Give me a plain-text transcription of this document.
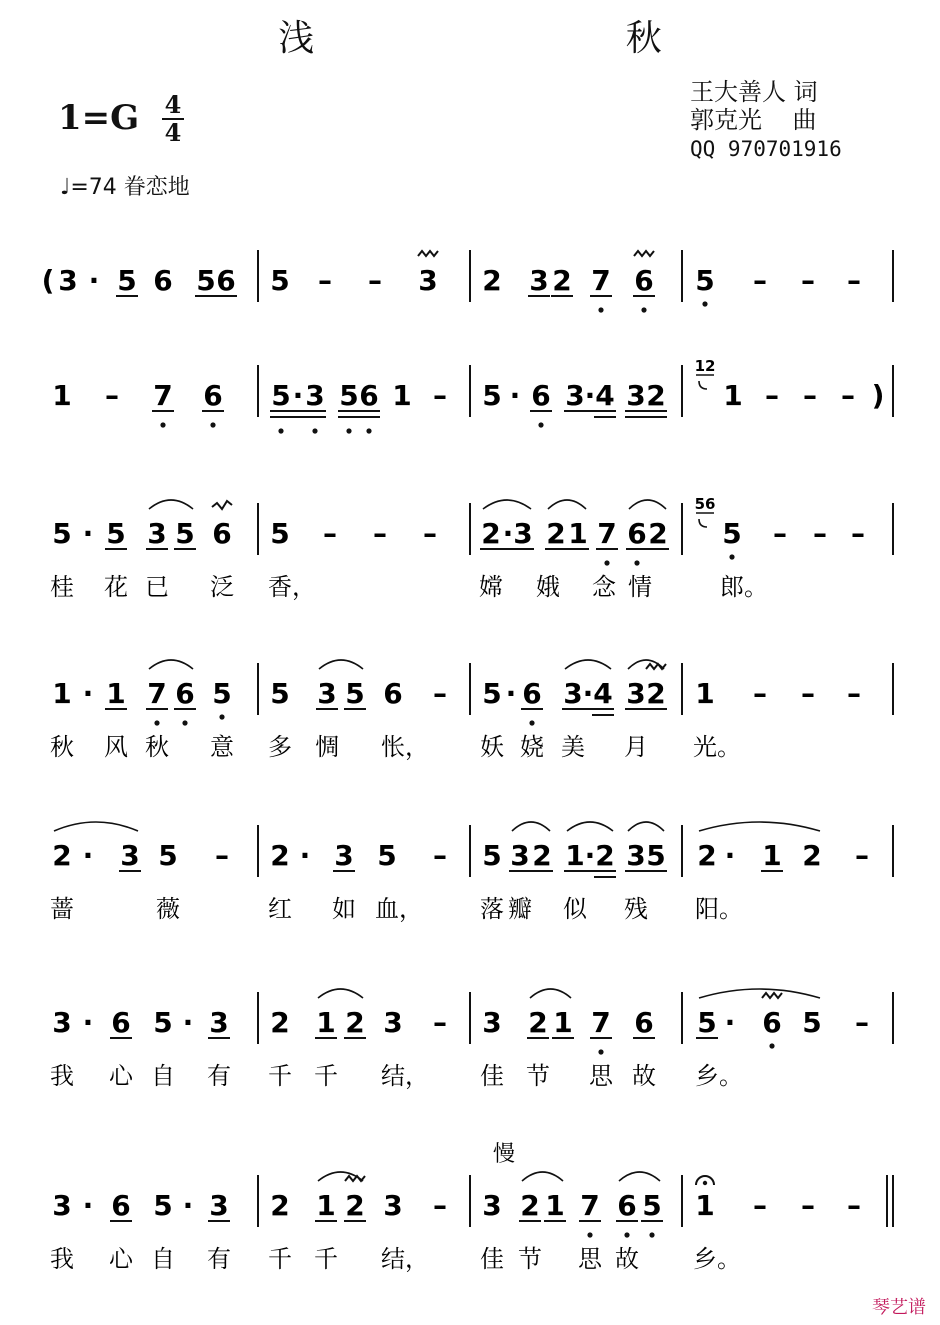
浅 秋
1=G 4
4
♩=74 眷恋地
王大善人 词
郭克光    曲
QQ 970701916
( 3 · 5 6 5 6 5 – – 3 2 3 2 7 6 5 – – –
1 – 7 6 5 · 3 5 6 1 – 5 · 6 3 · 4 3 2 1 – – – )
12
5 · 5 3 5 6 5 – – – 2 · 3 2 1 7 6 2 5 – – –
56
桂 花 已 泛 香，	嫦 娥 念 情	郎。
1 · 1 7 6 5 5 3 5 6 – 5 · 6 3 · 4 3 2 1 – – –
秋 风 秋 意 多 惆 怅， 妖 娆 美 月 光。
2 · 3 5 – 2 · 3 5 – 5 3 2 1 · 2 3 5 2 · 1 2 –
蔷	薇	红 如 血， 落 瓣 似 残 阳。
3 · 6 5 · 3 2 1 2 3 – 3 2 1 7 6 5 · 6 5 –
我 心 自 有 千 千 结， 佳 节 思 故 乡。
3 · 6 5 · 3 2 1 2 3 – 3 2 1 7 6 5 1 – – –
慢
我 心 自 有 千 千 结， 佳 节 思 故 乡。
琴艺谱
